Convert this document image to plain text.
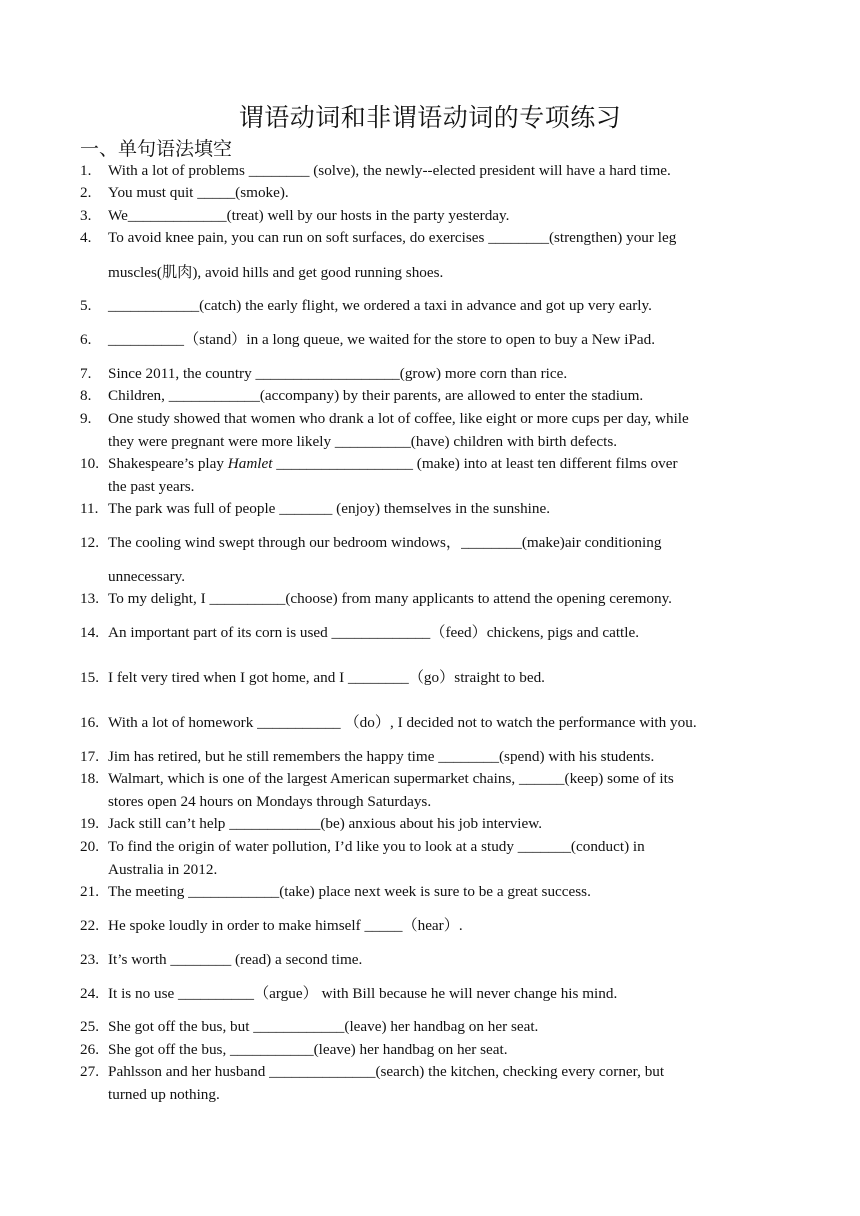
谓语动词和非谓语动词的专项练习
一、单句语法填空
1.	With a lot of problems ________ (solve), the newly--elected president will have a hard time.
2.	You must quit _____(smoke).
3.	We_____________(treat) well by our hosts in the party yesterday.
4.	To avoid knee pain, you can run on soft surfaces, do exercises ________(strengthen) your leg
muscles(肌肉), avoid hills and get good running shoes.
5.	____________(catch) the early flight, we ordered a taxi in advance and got up very early.
6.	__________（stand）in a long queue, we waited for the store to open to buy a New iPad.
7.	Since 2011, the country ___________________(grow) more corn than rice.
8.	Children, ____________(accompany) by their parents, are allowed to enter the stadium.
9.	One study showed that women who drank a lot of coffee, like eight or more cups per day, while
they were pregnant were more likely __________(have) children with birth defects.
10. Shakespeare’s play Hamlet __________________ (make) into at least ten different films over
the past years.
11. The park was full of people _______ (enjoy) themselves in the sunshine.
12. The cooling wind swept through our bedroom windows，________(make)air conditioning
unnecessary.
13. To my delight, I __________(choose) from many applicants to attend the opening ceremony.
14. An important part of its corn is used _____________（feed）chickens, pigs and cattle.
15. I felt very tired when I got home, and I ________（go）straight to bed.
16. With a lot of homework ___________ （do）, I decided not to watch the performance with you.
17. Jim has retired, but he still remembers the happy time ________(spend) with his students.
18. Walmart, which is one of the largest American supermarket chains, ______(keep) some of its
stores open 24 hours on Mondays through Saturdays.
19. Jack still can’t help ____________(be) anxious about his job interview.
20. To find the origin of water pollution, I’d like you to look at a study _______(conduct) in
Australia in 2012.
21. The meeting ____________(take) place next week is sure to be a great success.
22. He spoke loudly in order to make himself _____（hear）.
23. It’s worth ________ (read) a second time.
24. It is no use __________（argue） with Bill because he will never change his mind.
25. She got off the bus, but ____________(leave) her handbag on her seat.
26. She got off the bus, ___________(leave) her handbag on her seat.
27. Pahlsson and her husband ______________(search) the kitchen, checking every corner, but
turned up nothing.
